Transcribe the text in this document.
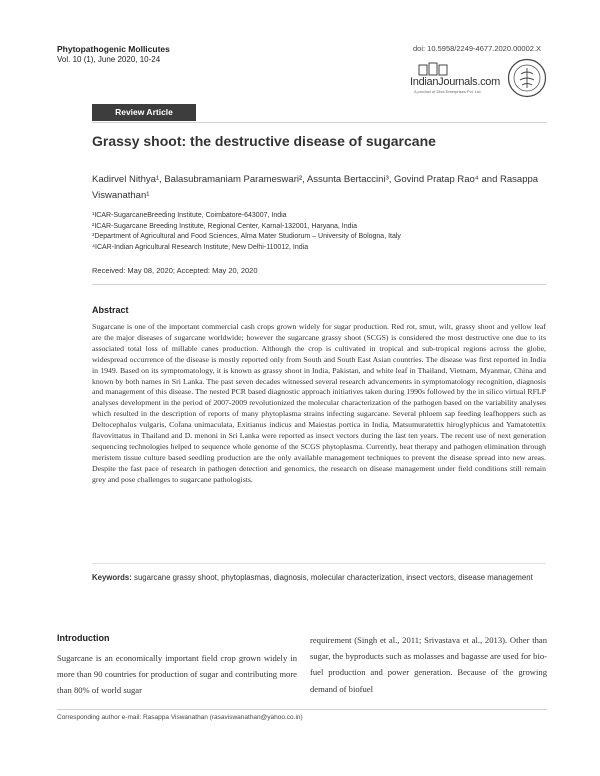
Phytopathogenic Mollicutes
Vol. 10 (1), June 2020, 10-24
doi: 10.5958/2249-4677.2020.00002.X
IndianJournals.com
A product of Diva Enterprises Pvt. Ltd.
Review Article
Grassy shoot: the destructive disease of sugarcane
Kadirvel Nithya¹, Balasubramaniam Parameswari², Assunta Bertaccini³, Govind Pratap Rao⁴ and Rasappa
Viswanathan¹
¹ICAR-SugarcaneBreeding Institute, Coimbatore-643007, India
²ICAR-Sugarcane Breeding Institute, Regional Center, Karnal-132001, Haryana, India
³Department of Agricultural and Food Sciences, Alma Mater Studiorum – University of Bologna, Italy
⁴ICAR-Indian Agricultural Research Institute, New Delhi-110012, India
Received: May 08, 2020; Accepted: May 20, 2020
Abstract
Sugarcane is one of the important commercial cash crops grown widely for sugar production. Red rot, smut, wilt, grassy shoot and yellow leaf are the major diseases of sugarcane worldwide; however the sugarcane grassy shoot (SCGS) is considered the most destructive one due to its associated total loss of millable canes production. Although the crop is cultivated in tropical and sub-tropical regions across the globe, widespread occurrence of the disease is mostly reported only from South and South East Asian countries. The disease was first reported in India in 1949. Based on its symptomatology, it is known as grassy shoot in India, Pakistan, and white leaf in Thailand, Vietnam, Myanmar, China and known by both names in Sri Lanka. The past seven decades witnessed several research advancements in symptomatology recognition, diagnosis and management of this disease. The nested PCR based diagnostic approach initiatives taken during 1990s followed by the in silico virtual RFLP analyses development in the period of 2007-2009 revolutionized the molecular characterization of the pathogen based on the variability analyses which resulted in the description of reports of many phytoplasma strains infecting sugarcane. Several phloem sap feeding leafhoppers such as Deltocephalus vulgaris, Cofana unimaculata, Exitianus indicus and Maiestas portica in India, Matsumuratettix hiroglyphicus and Yamatotettix flavovittatus in Thailand and D. menoni in Sri Lanka were reported as insect vectors during the last ten years. The recent use of next generation sequencing technologies helped to sequence whole genome of the SCGS phytoplasma. Currently, heat therapy and pathogen elimination through meristem tissue culture based seedling production are the only available management techniques to prevent the disease spread into new areas. Despite the fast pace of research in pathogen detection and genomics, the research on disease management under field conditions still remain grey and pose challenges to sugarcane pathologists.
Keywords: sugarcane grassy shoot, phytoplasmas, diagnosis, molecular characterization, insect vectors, disease management
Introduction
Sugarcane is an economically important field crop grown widely in more than 90 countries for production of sugar and contributing more than 80% of world sugar
requirement (Singh et al., 2011; Srivastava et al., 2013). Other than sugar, the byproducts such as molasses and bagasse are used for bio-fuel production and power generation. Because of the growing demand of biofuel
Corresponding author e-mail: Rasappa Viswanathan (rasaviswanathan@yahoo.co.in)
